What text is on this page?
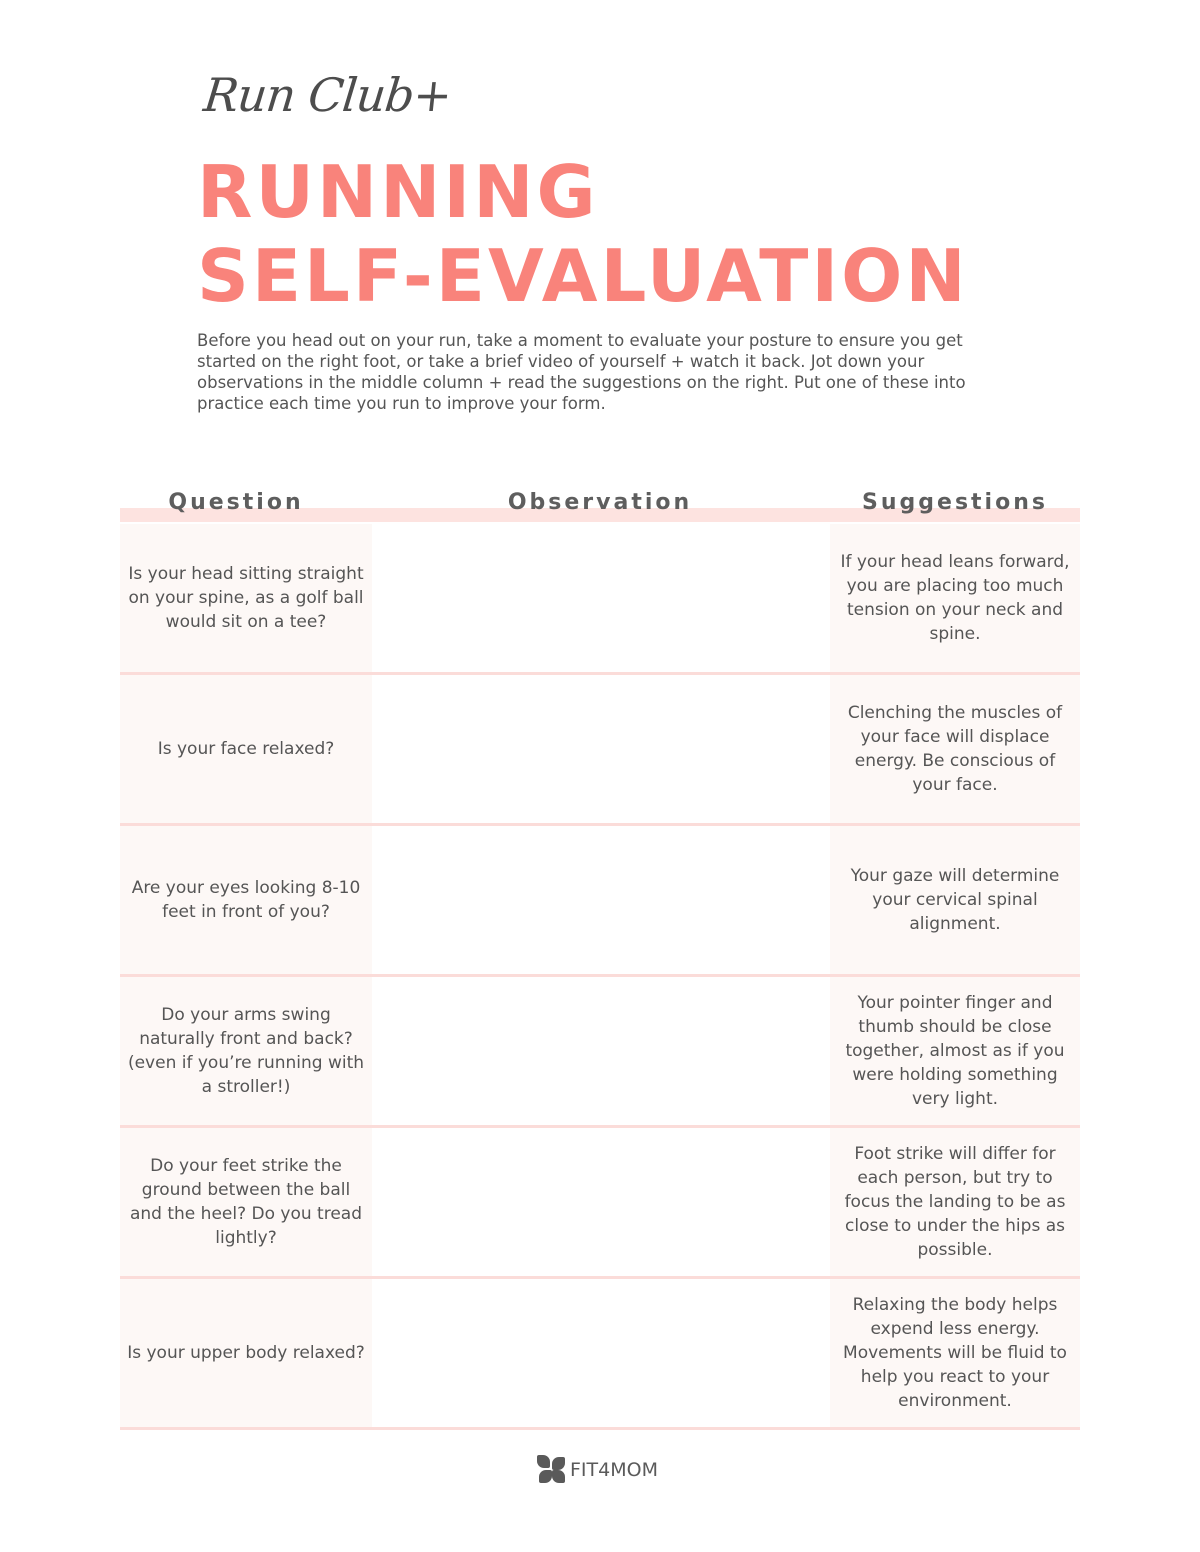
Run Club+
RUNNING
SELF-EVALUATION

Before you head out on your run, take a moment to evaluate your posture to ensure you get started on the right foot, or take a brief video of yourself + watch it back. Jot down your observations in the middle column + read the suggestions on the right. Put one of these into practice each time you run to improve your form.

Question	Observation	Suggestions
Is your head sitting straight on your spine, as a golf ball would sit on a tee?
If your head leans forward, you are placing too much tension on your neck and spine.
Is your face relaxed?
Clenching the muscles of your face will displace energy. Be conscious of your face.
Are your eyes looking 8-10 feet in front of you?
Your gaze will determine your cervical spinal alignment.
Do your arms swing naturally front and back? (even if you’re running with a stroller!)
Your pointer finger and thumb should be close together, almost as if you were holding something very light.
Do your feet strike the ground between the ball and the heel? Do you tread lightly?
Foot strike will differ for each person, but try to focus the landing to be as close to under the hips as possible.
Is your upper body relaxed?
Relaxing the body helps expend less energy. Movements will be fluid to help you react to your environment.
FIT4MOM
